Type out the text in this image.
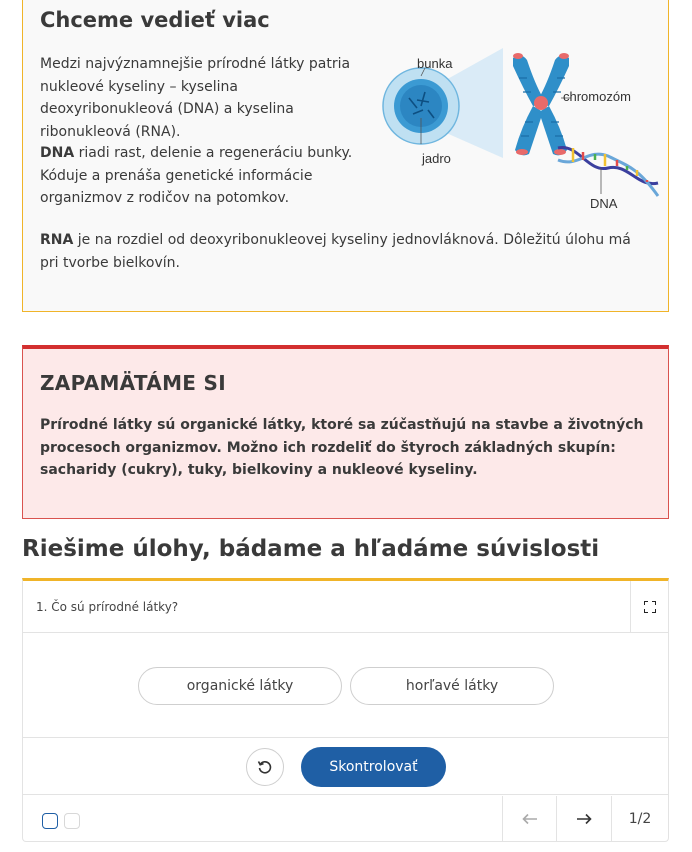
Chceme vedieť viac
Medzi najvýznamnejšie prírodné látky patria nukleové kyseliny – kyselina deoxyribonukleová (DNA) a kyselina ribonukleová (RNA).
DNA riadi rast, delenie a regeneráciu bunky. Kóduje a prenáša genetické informácie organizmov z rodičov na potomkov.
RNA je na rozdiel od deoxyribonukleovej kyseliny jednovláknová. Dôležitú úlohu má pri tvorbe bielkovín.
bunka
jadro
chromozóm
DNA
ZAPAMÄTÁME SI
Prírodné látky sú organické látky, ktoré sa zúčastňujú na stavbe a životných procesoch organizmov. Možno ich rozdeliť do štyroch základných skupín: sacharidy (cukry), tuky, bielkoviny a nukleové kyseliny.
Riešime úlohy, bádame a hľadáme súvislosti
1. Čo sú prírodné látky?
organické látky	horľavé látky
Skontrolovať
1/2
